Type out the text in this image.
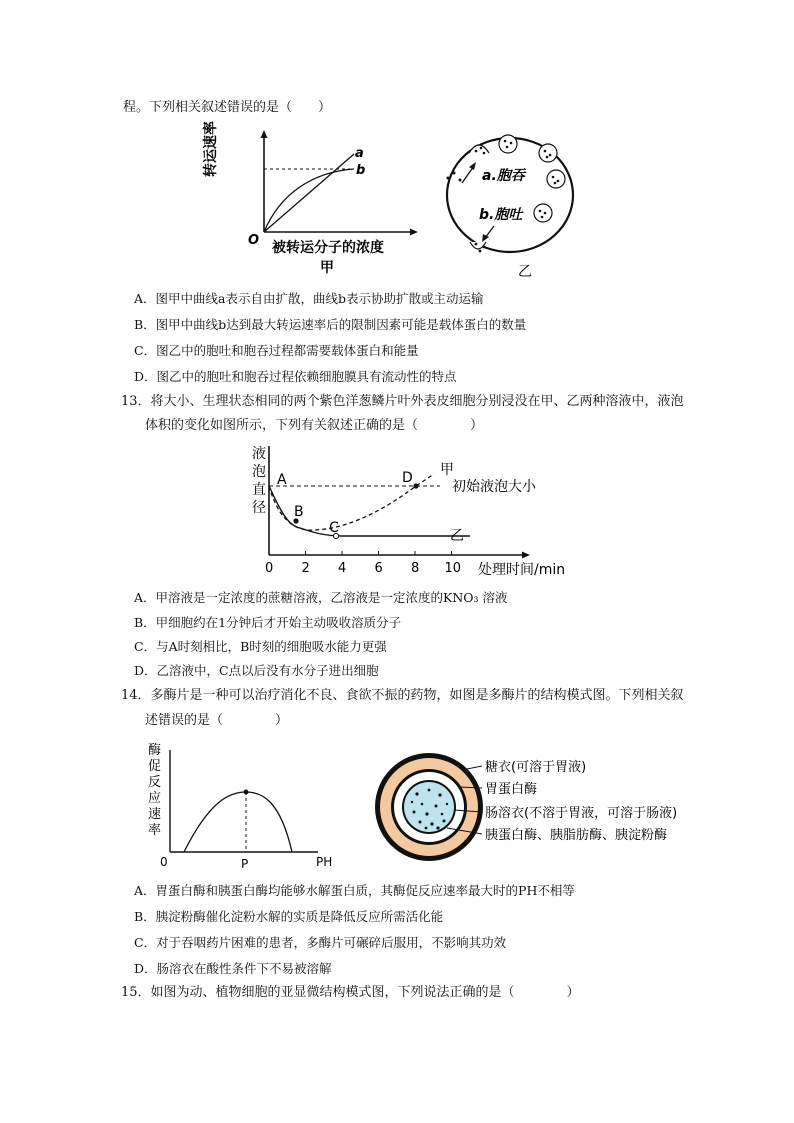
程。下列相关叙述错误的是（　　）
a
b
O 被转运分子的浓度
甲
转运速率	a.胞吞
b.胞吐
乙
A．图甲中曲线a表示自由扩散，曲线b表示协助扩散或主动运输
B．图甲中曲线b达到最大转运速率后的限制因素可能是载体蛋白的数量
C．图乙中的胞吐和胞吞过程都需要载体蛋白和能量
D．图乙中的胞吐和胞吞过程依赖细胞膜具有流动性的特点
13．将大小、生理状态相同的两个紫色洋葱鳞片叶外表皮细胞分别浸没在甲、乙两种溶液中，液泡
体积的变化如图所示，下列有关叙述正确的是（　　　　）
液
泡
直
径
A
B
C
D 甲
乙
初始液泡大小
处理时间/min
0 2 4 6 8 10
A．甲溶液是一定浓度的蔗糖溶液，乙溶液是一定浓度的KNO₃ 溶液
B．甲细胞约在1分钟后才开始主动吸收溶质分子
C．与A时刻相比，B时刻的细胞吸水能力更强
D．乙溶液中，C点以后没有水分子进出细胞
14．多酶片是一种可以治疗消化不良、食欲不振的药物，如图是多酶片的结构模式图。下列相关叙
述错误的是（　　　　）
酶
促
反
应
速
率
0	P	PH
糖衣(可溶于胃液)
胃蛋白酶
肠溶衣(不溶于胃液，可溶于肠液)
胰蛋白酶、胰脂肪酶、胰淀粉酶
A．胃蛋白酶和胰蛋白酶均能够水解蛋白质，其酶促反应速率最大时的PH不相等
B．胰淀粉酶催化淀粉水解的实质是降低反应所需活化能
C．对于吞咽药片困难的患者，多酶片可碾碎后服用，不影响其功效
D．肠溶衣在酸性条件下不易被溶解
15．如图为动、植物细胞的亚显微结构模式图，下列说法正确的是（　　　　）
